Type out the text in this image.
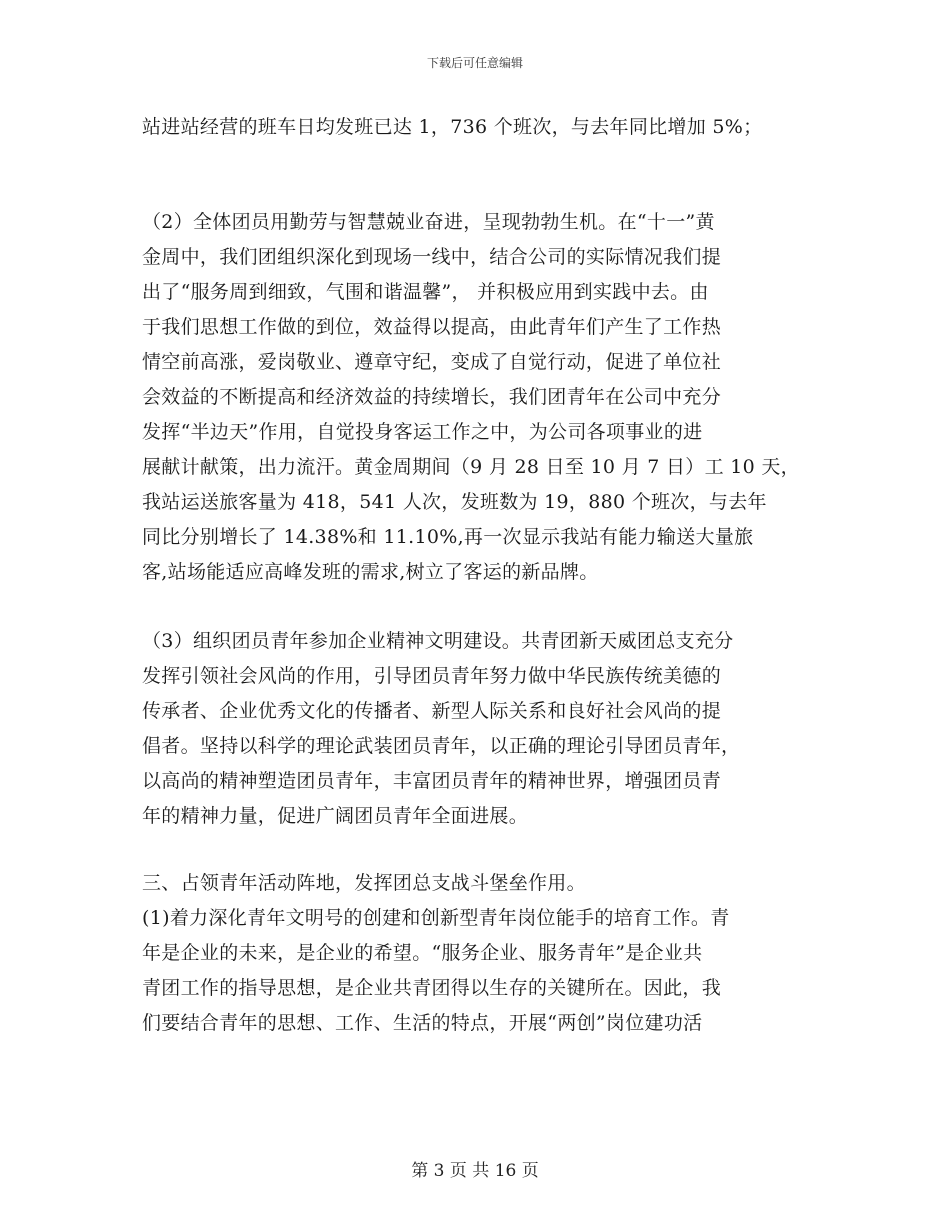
下载后可任意编辑
站进站经营的班车日均发班已达 1，736 个班次，与去年同比增加 5%；
（2）全体团员用勤劳与智慧兢业奋进，呈现勃勃生机。在“十一”黄
金周中，我们团组织深化到现场一线中，结合公司的实际情况我们提
出了“服务周到细致，气围和谐温馨”， 并积极应用到实践中去。由
于我们思想工作做的到位，效益得以提高，由此青年们产生了工作热
情空前高涨，爱岗敬业、遵章守纪，变成了自觉行动，促进了单位社
会效益的不断提高和经济效益的持续增长，我们团青年在公司中充分
发挥“半边天”作用，自觉投身客运工作之中，为公司各项事业的进
展献计献策，出力流汗。黄金周期间（9 月 28 日至 10 月 7 日）工 10 天，
我站运送旅客量为 418，541 人次，发班数为 19，880 个班次，与去年
同比分别增长了 14.38%和 11.10%,再一次显示我站有能力输送大量旅
客,站场能适应高峰发班的需求,树立了客运的新品牌。
（3）组织团员青年参加企业精神文明建设。共青团新天威团总支充分
发挥引领社会风尚的作用，引导团员青年努力做中华民族传统美德的
传承者、企业优秀文化的传播者、新型人际关系和良好社会风尚的提
倡者。坚持以科学的理论武装团员青年，以正确的理论引导团员青年，
以高尚的精神塑造团员青年，丰富团员青年的精神世界，增强团员青
年的精神力量，促进广阔团员青年全面进展。
三、占领青年活动阵地，发挥团总支战斗堡垒作用。
(1)着力深化青年文明号的创建和创新型青年岗位能手的培育工作。青
年是企业的未来，是企业的希望。“服务企业、服务青年”是企业共
青团工作的指导思想，是企业共青团得以生存的关键所在。因此，我
们要结合青年的思想、工作、生活的特点，开展“两创”岗位建功活
第 3 页 共 16 页
